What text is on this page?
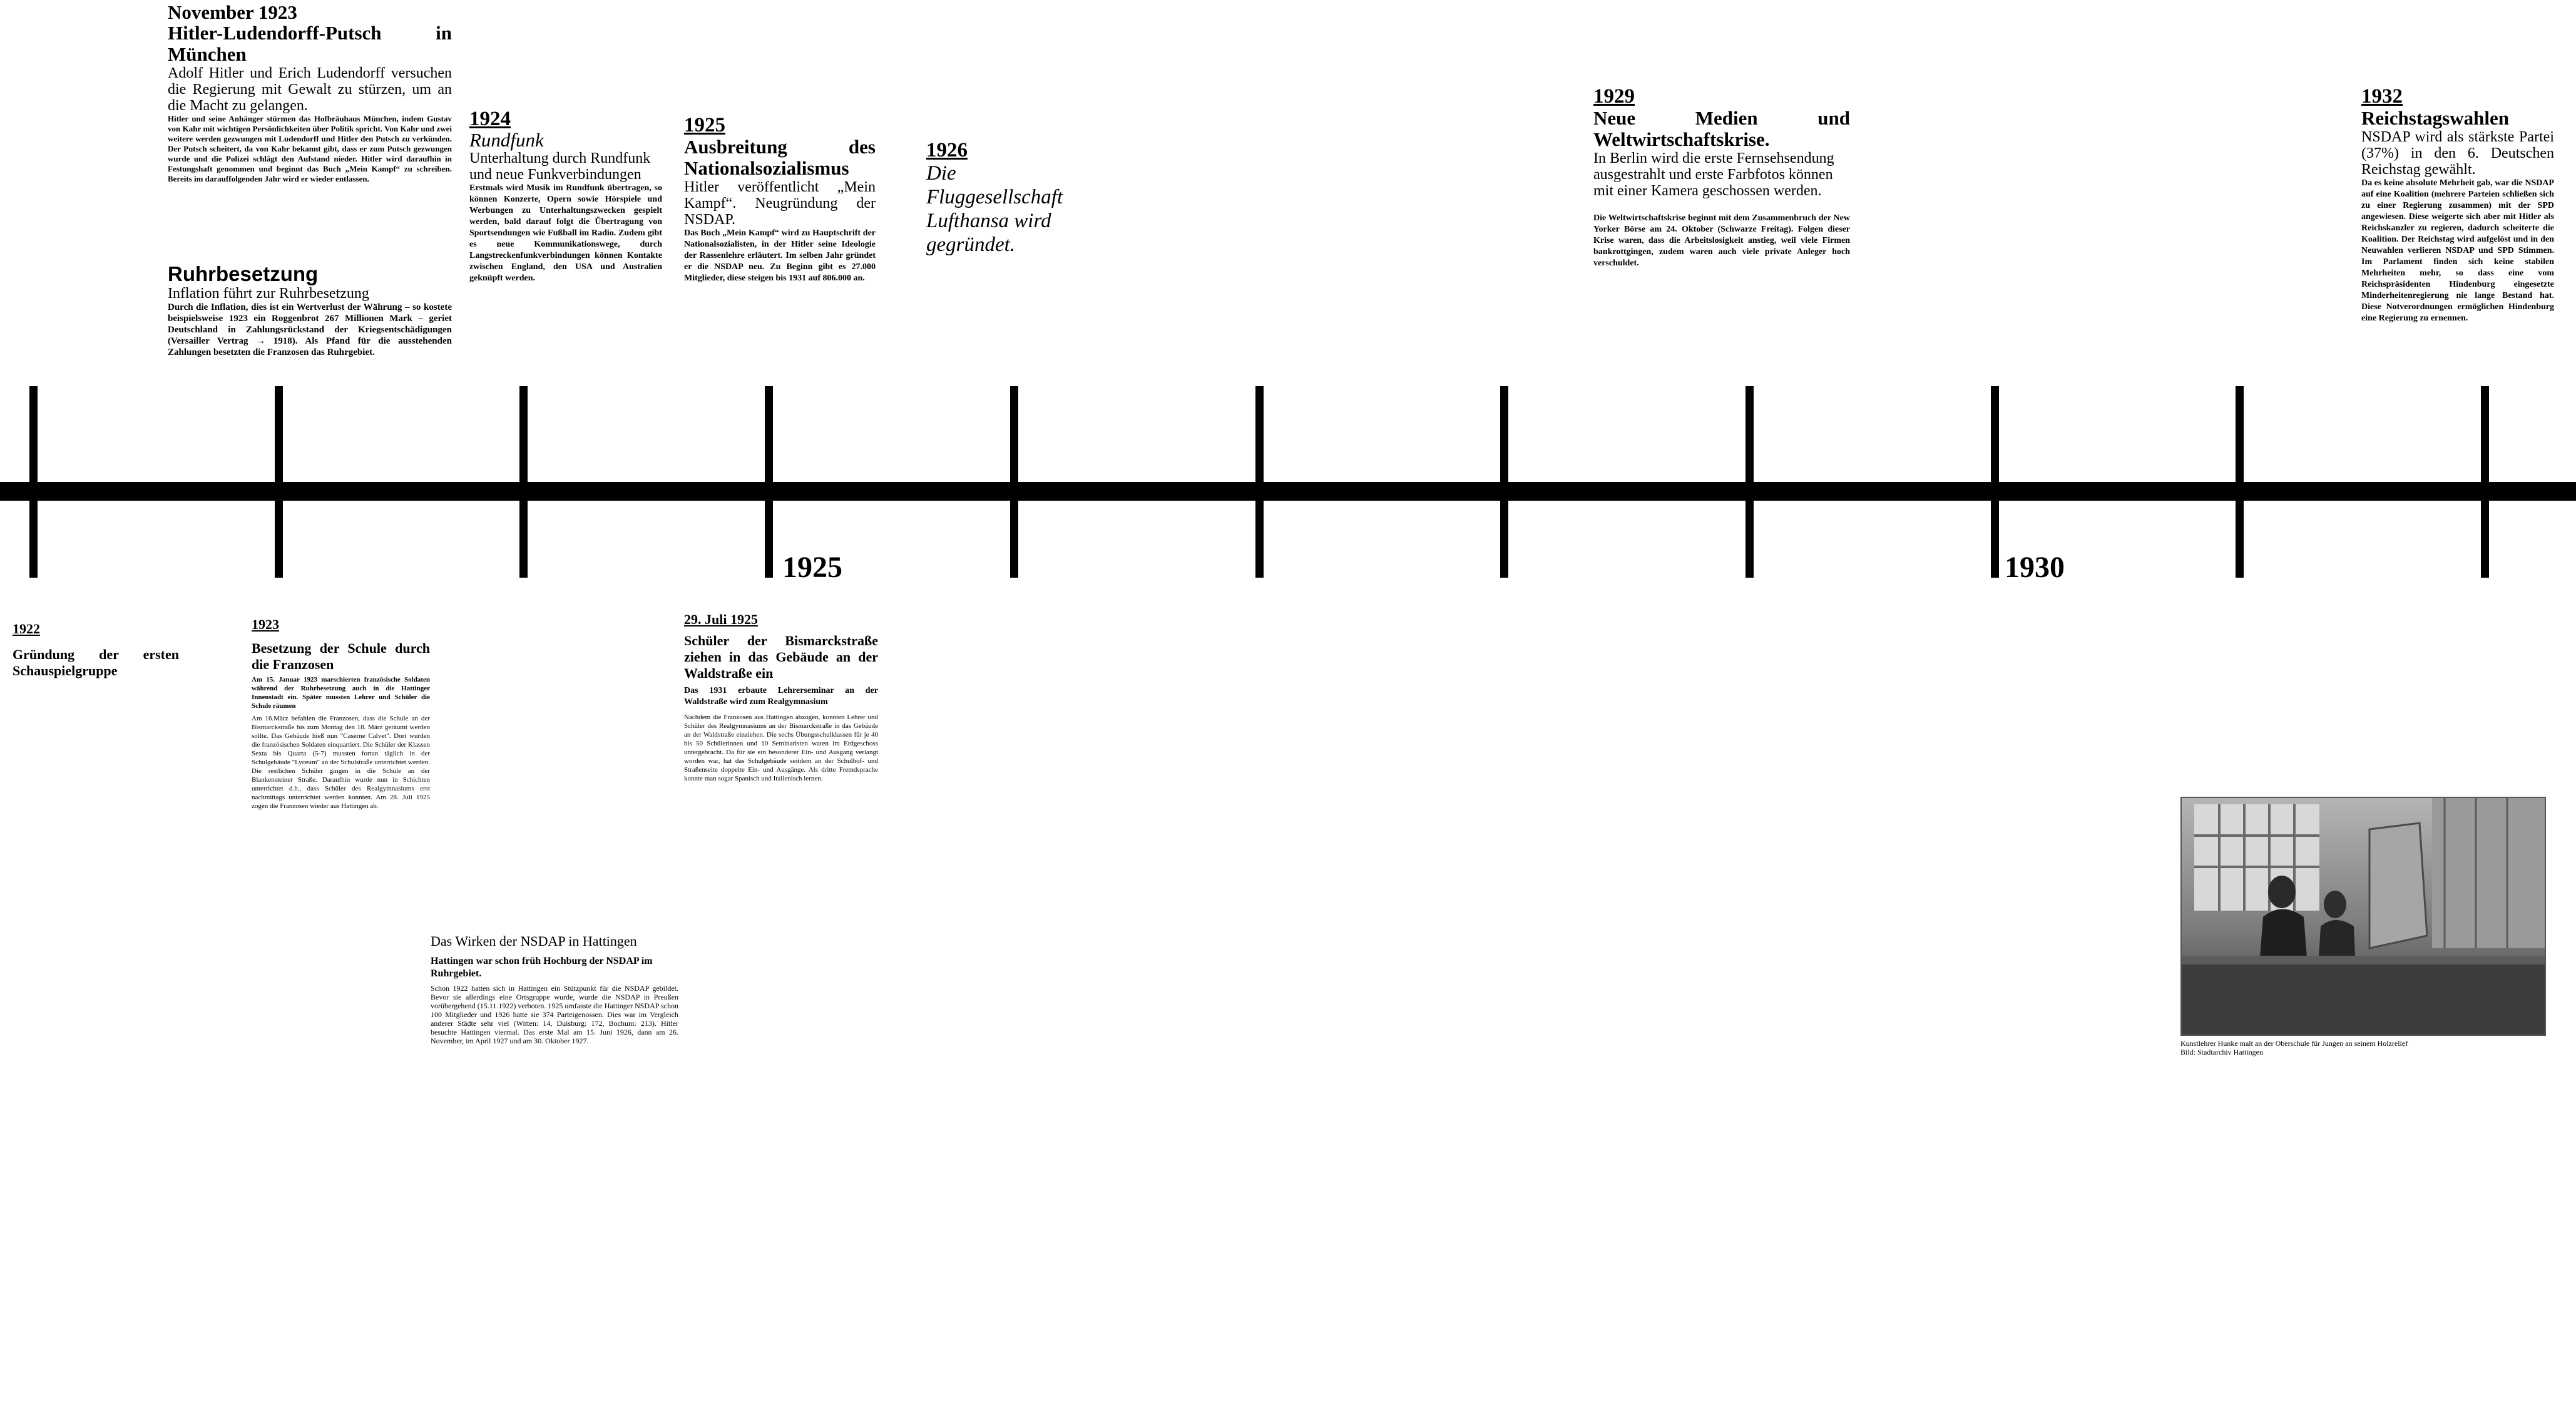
1925	1930
November 1923
Hitler-Ludendorff-Putsch in München

Adolf Hitler und Erich Ludendorff versuchen die Regierung mit Gewalt zu stürzen, um an die Macht zu gelangen.

Hitler und seine Anhänger stürmen das Hofbräuhaus München, indem Gustav von Kahr mit wichtigen Persönlichkeiten über Politik spricht. Von Kahr und zwei weitere werden gezwungen mit Ludendorff und Hitler den Putsch zu verkünden. Der Putsch scheitert, da von Kahr bekannt gibt, dass er zum Putsch gezwungen wurde und die Polizei schlägt den Aufstand nieder. Hitler wird daraufhin in Festungshaft genommen und beginnt das Buch „Mein Kampf“ zu schreiben. Bereits im darauffolgenden Jahr wird er wieder entlassen.

Ruhrbesetzung

Inflation führt zur Ruhrbesetzung

Durch die Inflation, dies ist ein Wertverlust der Währung – so kostete beispielsweise 1923 ein Roggenbrot 267 Millionen Mark – geriet Deutschland in Zahlungsrückstand der Kriegsentschädigungen (Versailler Vertrag → 1918). Als Pfand für die ausstehenden Zahlungen besetzten die Franzosen das Ruhrgebiet.

1924
Rundfunk

Unterhaltung durch Rundfunk und neue Funkverbindungen

Erstmals wird Musik im Rundfunk übertragen, so können Konzerte, Opern sowie Hörspiele und Werbungen zu Unterhaltungszwecken gespielt werden, bald darauf folgt die Übertragung von Sportsendungen wie Fußball im Radio. Zudem gibt es neue Kommunikationswege, durch Langstreckenfunkverbindungen können Kontakte zwischen England, den USA und Australien geknüpft werden.

1925
Ausbreitung des Nationalsozialismus

Hitler veröffentlicht „Mein Kampf“. Neugründung der NSDAP.

Das Buch „Mein Kampf“ wird zu Hauptschrift der Nationalsozialisten, in der Hitler seine Ideologie der Rassenlehre erläutert. Im selben Jahr gründet er die NSDAP neu. Zu Beginn gibt es 27.000 Mitglieder, diese steigen bis 1931 auf 806.000 an.

1926
Die Fluggesellschaft Lufthansa wird gegründet.
1929
Neue Medien und Weltwirtschaftskrise.

In Berlin wird die erste Fernsehsendung ausgestrahlt und erste Farbfotos können mit einer Kamera geschossen werden.

Die Weltwirtschaftskrise beginnt mit dem Zusammenbruch der New Yorker Börse am 24. Oktober (Schwarze Freitag). Folgen dieser Krise waren, dass die Arbeitslosigkeit anstieg, weil viele Firmen bankrottgingen, zudem waren auch viele private Anleger hoch verschuldet.

1932
Reichstagswahlen

NSDAP wird als stärkste Partei (37%) in den 6. Deutschen Reichstag gewählt.

Da es keine absolute Mehrheit gab, war die NSDAP auf eine Koalition (mehrere Parteien schließen sich zu einer Regierung zusammen) mit der SPD angewiesen. Diese weigerte sich aber mit Hitler als Reichskanzler zu regieren, dadurch scheiterte die Koalition. Der Reichstag wird aufgelöst und in den Neuwahlen verlieren NSDAP und SPD Stimmen. Im Parlament finden sich keine stabilen Mehrheiten mehr, so dass eine vom Reichspräsidenten Hindenburg eingesetzte Minderheitenregierung nie lange Bestand hat. Diese Notverordnungen ermöglichen Hindenburg eine Regierung zu ernennen.

1922
Gründung der ersten Schauspielgruppe
1923
Besetzung der Schule durch die Franzosen

Am 15. Januar 1923 marschierten französische Soldaten während der Ruhrbesetzung auch in die Hattinger Innenstadt ein. Später mussten Lehrer und Schüler die Schule räumen

Am 16.März befahlen die Franzosen, dass die Schule an der Bismarckstraße bis zum Montag den 18. März geräumt werden sollte. Das Gebäude hieß nun "Caserne Calvet". Dort wurden die französischen Soldaten einquartiert. Die Schüler der Klassen Sexta bis Quarta (5-7) mussten fortan täglich in der Schulgebäude "Lyceum" an der Schulstraße unterrichtet werden. Die restlichen Schüler gingen in die Schule an der Blankensteiner Straße. Daraufhin wurde nun in Schichten unterrichtet d.h., dass Schüler des Realgymnasiums erst nachmittags unterrichtet werden konnten. Am 28. Juli 1925 zogen die Franzosen wieder aus Hattingen ab.

29. Juli 1925
Schüler der Bismarckstraße ziehen in das Gebäude an der Waldstraße ein

Das 1931 erbaute Lehrerseminar an der Waldstraße wird zum Realgymnasium

Nachdem die Franzosen aus Hattingen abzogen, konnten Lehrer und Schüler des Realgymnasiums an der Bismarckstraße in das Gebäude an der Waldstraße einziehen. Die sechs Übungsschulklassen für je 40 bis 50 Schülerinnen und 10 Seminaristen waren im Erdgeschoss untergebracht. Da für sie ein besonderer Ein- und Ausgang verlangt worden war, hat das Schulgebäude seitdem an der Schulhof- und Straßenseite doppelte Ein- und Ausgänge. Als dritte Fremdsprache konnte man sogar Spanisch und Italienisch lernen.

Das Wirken der NSDAP in Hattingen

Hattingen war schon früh Hochburg der NSDAP im Ruhrgebiet.

Schon 1922 hatten sich in Hattingen ein Stützpunkt für die NSDAP gebildet. Bevor sie allerdings eine Ortsgruppe wurde, wurde die NSDAP in Preußen vorübergehend (15.11.1922) verboten. 1925 umfasste die Hattinger NSDAP schon 100 Mitglieder und 1926 hatte sie 374 Parteigenossen. Dies war im Vergleich anderer Städte sehr viel (Witten: 14, Duisburg: 172, Bochum: 213). Hitler besuchte Hattingen viermal. Das erste Mal am 15. Juni 1926, dann am 26. November, im April 1927 und am 30. Oktober 1927.	Kunstlehrer Hunke malt an der Oberschule für Jungen an seinem Holzrelief
Bild: Stadtarchiv Hattingen
